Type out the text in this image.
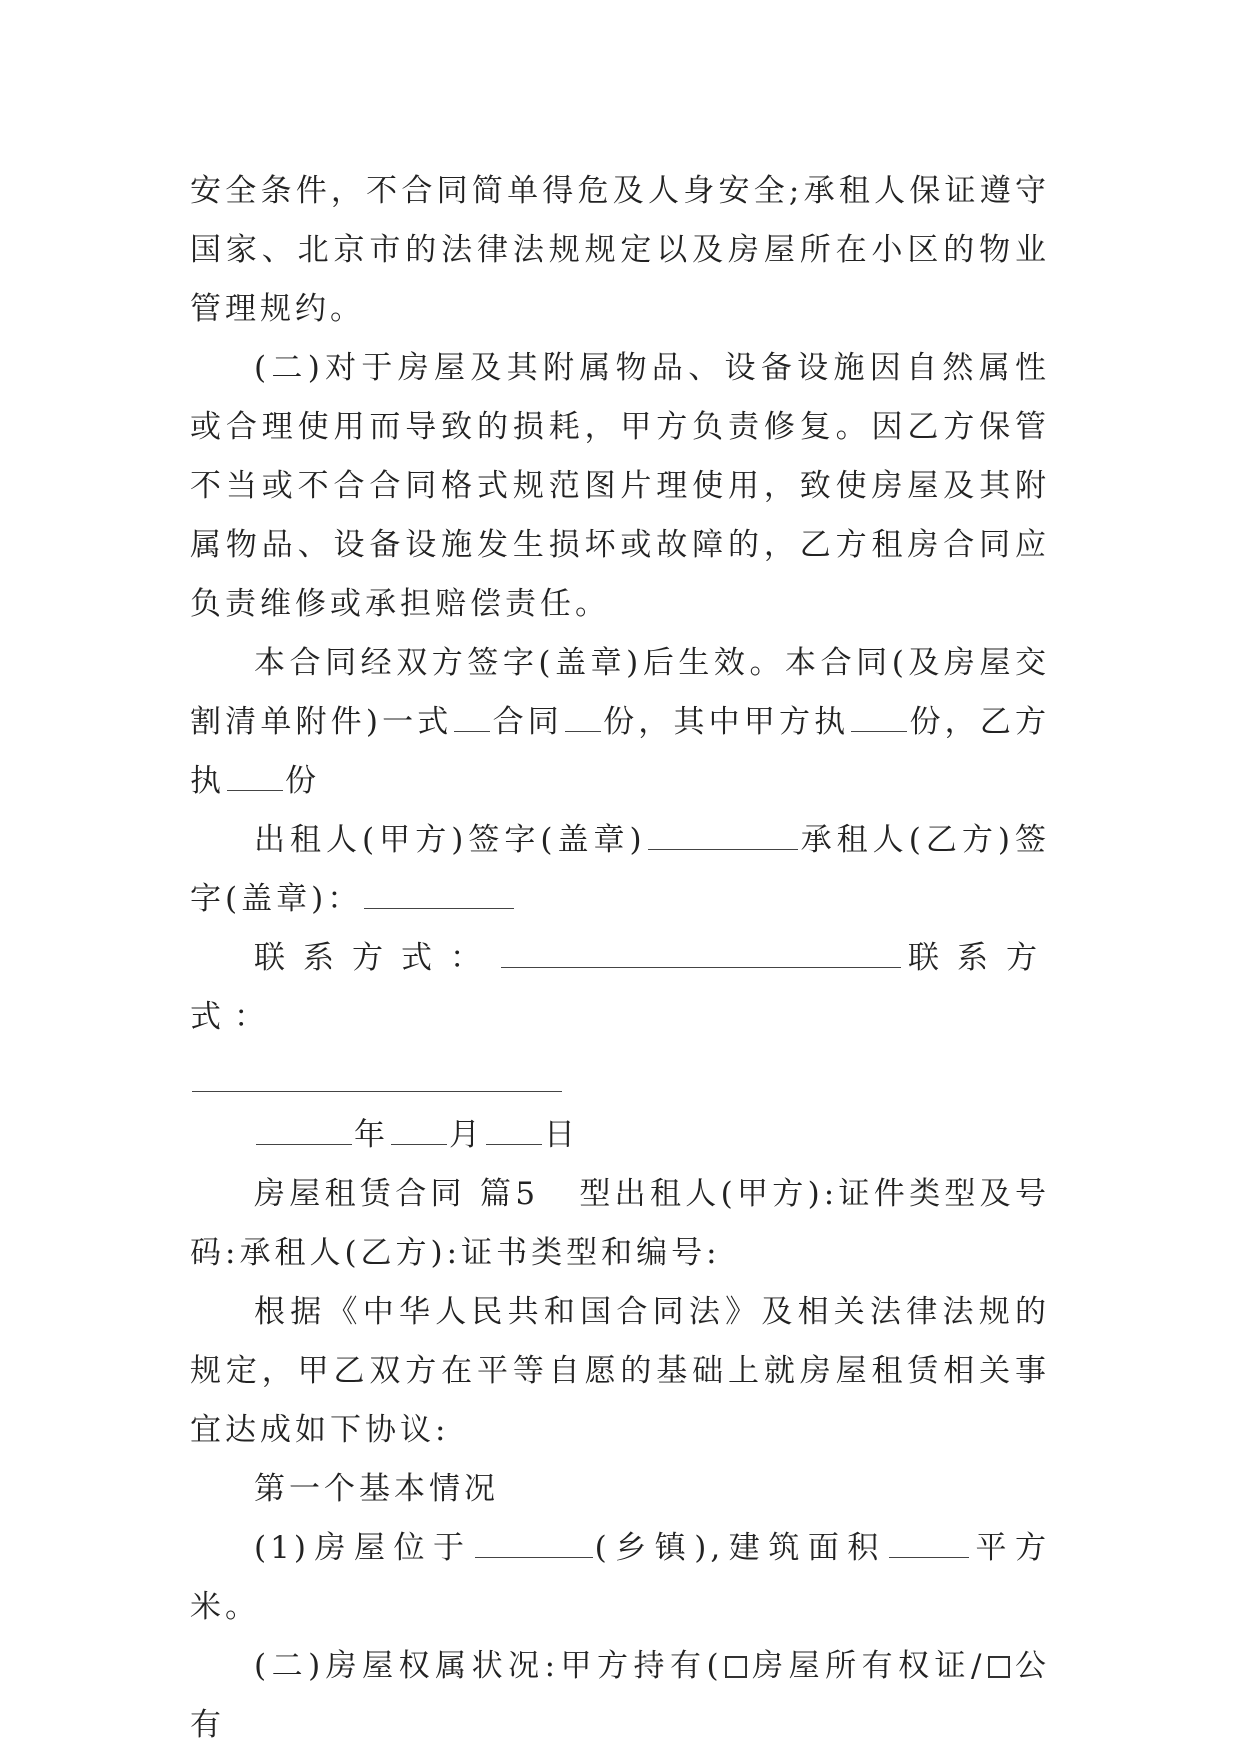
安全条件，不合同简单得危及人身安全;承租人保证遵守国家、北京市的法律法规规定以及房屋所在小区的物业管理规约。

(二)对于房屋及其附属物品、设备设施因自然属性或合理使用而导致的损耗，甲方负责修复。因乙方保管不当或不合合同格式规范图片理使用，致使房屋及其附属物品、设备设施发生损坏或故障的，乙方租房合同应负责维修或承担赔偿责任。

本合同经双方签字(盖章)后生效。本合同(及房屋交割清单附件)一式 合同 份，其中甲方执 份，乙方执 份

出租人(甲方)签字(盖章)	承租人(乙方)签字(盖章)：

联系方式：	联系方式：

年 月 日

房屋租赁合同 篇5 型出租人(甲方):证件类型及号码:承租人(乙方):证书类型和编号:

根据《中华人民共和国合同法》及相关法律法规的规定，甲乙双方在平等自愿的基础上就房屋租赁相关事宜达成如下协议:

第一个基本情况

(1)房屋位于	(乡镇),建筑面积	平方米。

(二)房屋权属状况:甲方持有( 房屋所有权证/ 公有
